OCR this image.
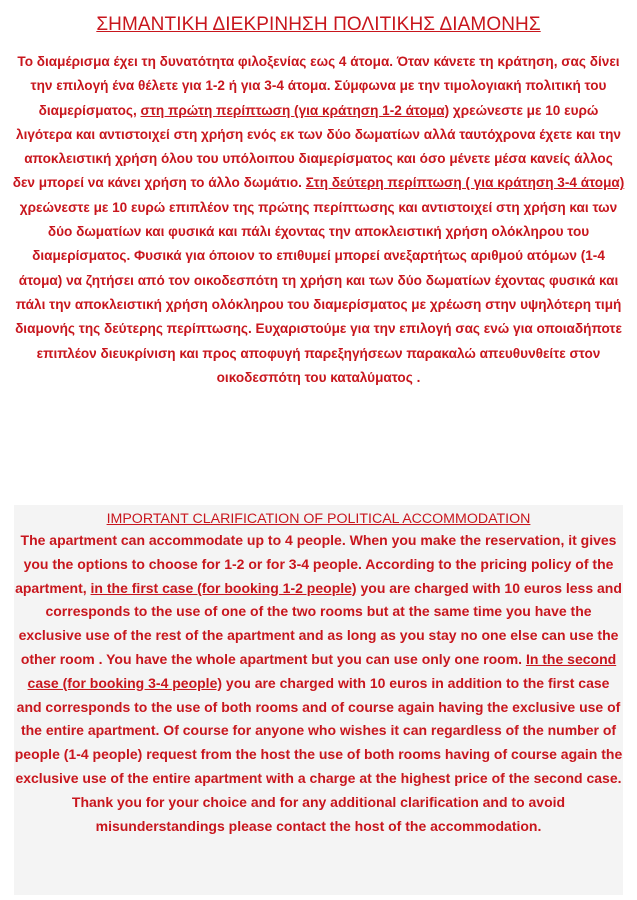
ΣΗΜΑΝΤΙΚΗ ΔΙΕΚΡΙΝΗΣΗ ΠΟΛΙΤΙΚΗΣ ΔΙΑΜΟΝΗΣ

Το διαμέρισμα έχει τη δυνατότητα φιλοξενίας εως 4 άτομα. Όταν κάνετε τη κράτηση, σας δίνει την επιλογή ένα θέλετε για 1-2 ή για 3-4 άτομα. Σύμφωνα με την τιμολογιακή πολιτική του διαμερίσματος, στη πρώτη περίπτωση (για κράτηση 1-2 άτομα) χρεώνεστε με 10 ευρώ λιγότερα και αντιστοιχεί στη χρήση ενός εκ των δύο δωματίων αλλά ταυτόχρονα έχετε και την αποκλειστική χρήση όλου του υπόλοιπου διαμερίσματος και όσο μένετε μέσα κανείς άλλος δεν μπορεί να κάνει χρήση το άλλο δωμάτιο. Στη δεύτερη περίπτωση ( για κράτηση 3-4 άτομα) χρεώνεστε με 10 ευρώ επιπλέον της πρώτης περίπτωσης και αντιστοιχεί στη χρήση και των δύο δωματίων και φυσικά και πάλι έχοντας την αποκλειστική χρήση ολόκληρου του διαμερίσματος. Φυσικά για όποιον το επιθυμεί μπορεί ανεξαρτήτως αριθμού ατόμων (1-4 άτομα) να ζητήσει από τον οικοδεσπότη τη χρήση και των δύο δωματίων έχοντας φυσικά και πάλι την αποκλειστική χρήση ολόκληρου του διαμερίσματος με χρέωση στην υψηλότερη τιμή διαμονής της δεύτερης περίπτωσης. Ευχαριστούμε για την επιλογή σας ενώ για οποιαδήποτε επιπλέον διευκρίνιση και προς αποφυγή παρεξηγήσεων παρακαλώ απευθυνθείτε στον οικοδεσπότη του καταλύματος .

IMPORTANT CLARIFICATION OF POLITICAL ACCOMMODATION

The apartment can accommodate up to 4 people. When you make the reservation, it gives you the options to choose for 1-2 or for 3-4 people. According to the pricing policy of the apartment, in the first case (for booking 1-2 people) you are charged with 10 euros less and corresponds to the use of one of the two rooms but at the same time you have the exclusive use of the rest of the apartment and as long as you stay no one else can use the other room . You have the whole apartment but you can use only one room. In the second case (for booking 3-4 people) you are charged with 10 euros in addition to the first case and corresponds to the use of both rooms and of course again having the exclusive use of the entire apartment. Of course for anyone who wishes it can regardless of the number of people (1-4 people) request from the host the use of both rooms having of course again the exclusive use of the entire apartment with a charge at the highest price of the second case. Thank you for your choice and for any additional clarification and to avoid misunderstandings please contact the host of the accommodation.
